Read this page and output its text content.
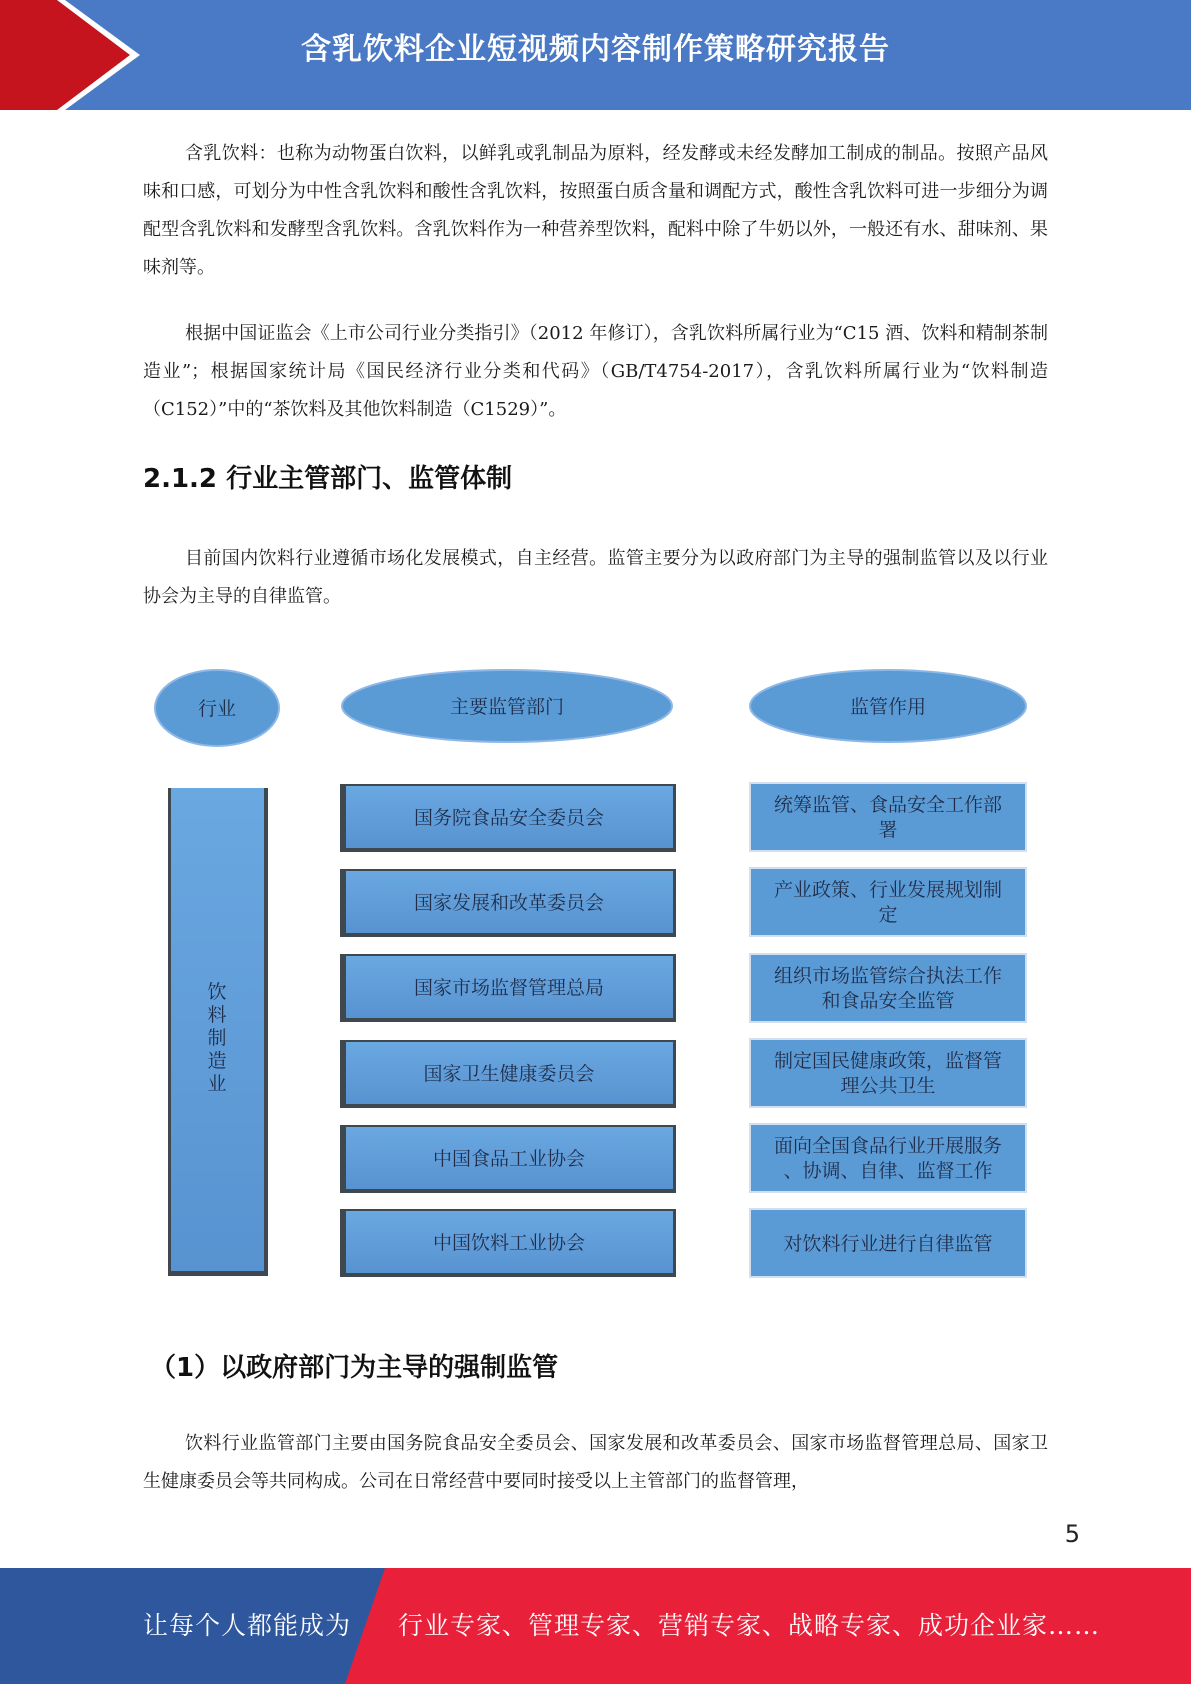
含乳饮料企业短视频内容制作策略研究报告

含乳饮料：也称为动物蛋白饮料，以鲜乳或乳制品为原料，经发酵或未经发酵加工制成的制品。按照产品风味和口感，可划分为中性含乳饮料和酸性含乳饮料，按照蛋白质含量和调配方式，酸性含乳饮料可进一步细分为调配型含乳饮料和发酵型含乳饮料。含乳饮料作为一种营养型饮料，配料中除了牛奶以外，一般还有水、甜味剂、果味剂等。

根据中国证监会《上市公司行业分类指引》（2012 年修订），含乳饮料所属行业为“C15 酒、饮料和精制茶制造业”；根据国家统计局《国民经济行业分类和代码》（GB/T4754-2017），含乳饮料所属行业为“饮料制造（C152）”中的“茶饮料及其他饮料制造（C1529）”。

2.1.2 行业主管部门、监管体制

目前国内饮料行业遵循市场化发展模式，自主经营。监管主要分为以政府部门为主导的强制监管以及以行业协会为主导的自律监管。

行业	主要监管部门	监管作用
饮
料
制
造
业
国务院食品安全委员会
国家发展和改革委员会
国家市场监督管理总局
国家卫生健康委员会
中国食品工业协会
中国饮料工业协会
统筹监管、食品安全工作部
署
产业政策、行业发展规划制
定
组织市场监管综合执法工作
和食品安全监管
制定国民健康政策，监督管
理公共卫生
面向全国食品行业开展服务
、协调、自律、监督工作
对饮料行业进行自律监管
（1）以政府部门为主导的强制监管

饮料行业监管部门主要由国务院食品安全委员会、国家发展和改革委员会、国家市场监督管理总局、国家卫生健康委员会等共同构成。公司在日常经营中要同时接受以上主管部门的监督管理，

5
让每个人都能成为 行业专家、管理专家、营销专家、战略专家、成功企业家……
